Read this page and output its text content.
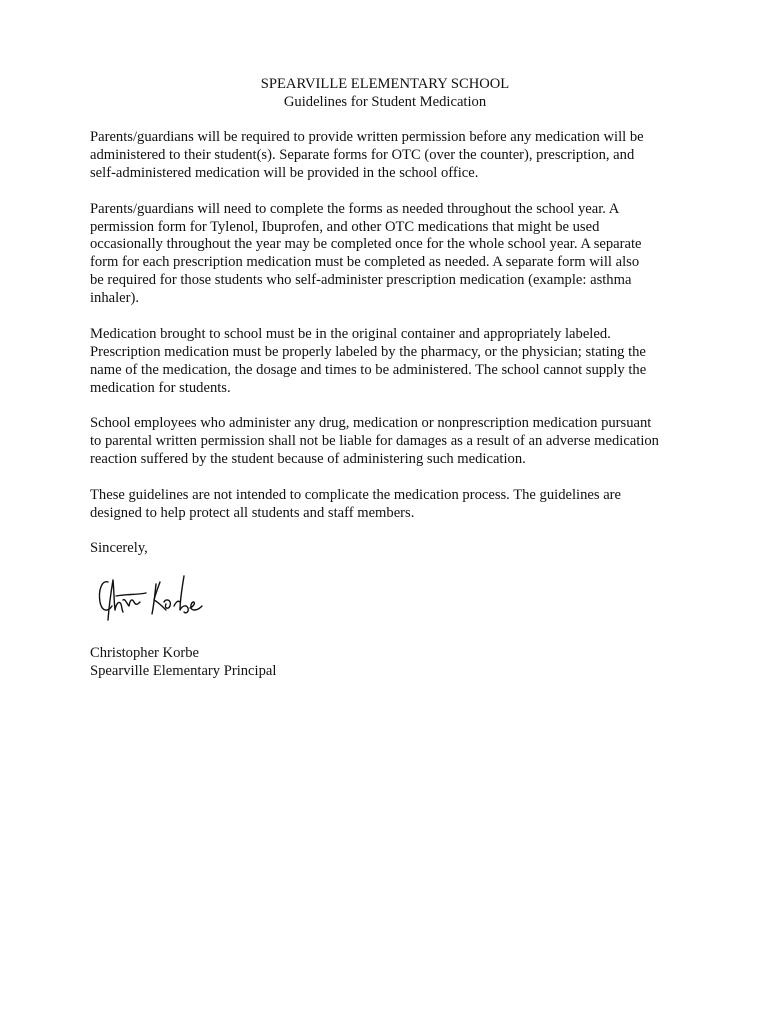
SPEARVILLE ELEMENTARY SCHOOL
Guidelines for Student Medication

Parents/guardians will be required to provide written permission before any medication will be
administered to their student(s). Separate forms for OTC (over the counter), prescription, and
self-administered medication will be provided in the school office.

Parents/guardians will need to complete the forms as needed throughout the school year. A
permission form for Tylenol, Ibuprofen, and other OTC medications that might be used
occasionally throughout the year may be completed once for the whole school year. A separate
form for each prescription medication must be completed as needed. A separate form will also
be required for those students who self-administer prescription medication (example: asthma
inhaler).

Medication brought to school must be in the original container and appropriately labeled.
Prescription medication must be properly labeled by the pharmacy, or the physician; stating the
name of the medication, the dosage and times to be administered. The school cannot supply the
medication for students.

School employees who administer any drug, medication or nonprescription medication pursuant
to parental written permission shall not be liable for damages as a result of an adverse medication
reaction suffered by the student because of administering such medication.

These guidelines are not intended to complicate the medication process. The guidelines are
designed to help protect all students and staff members.

Sincerely,
Christopher Korbe
Spearville Elementary Principal
